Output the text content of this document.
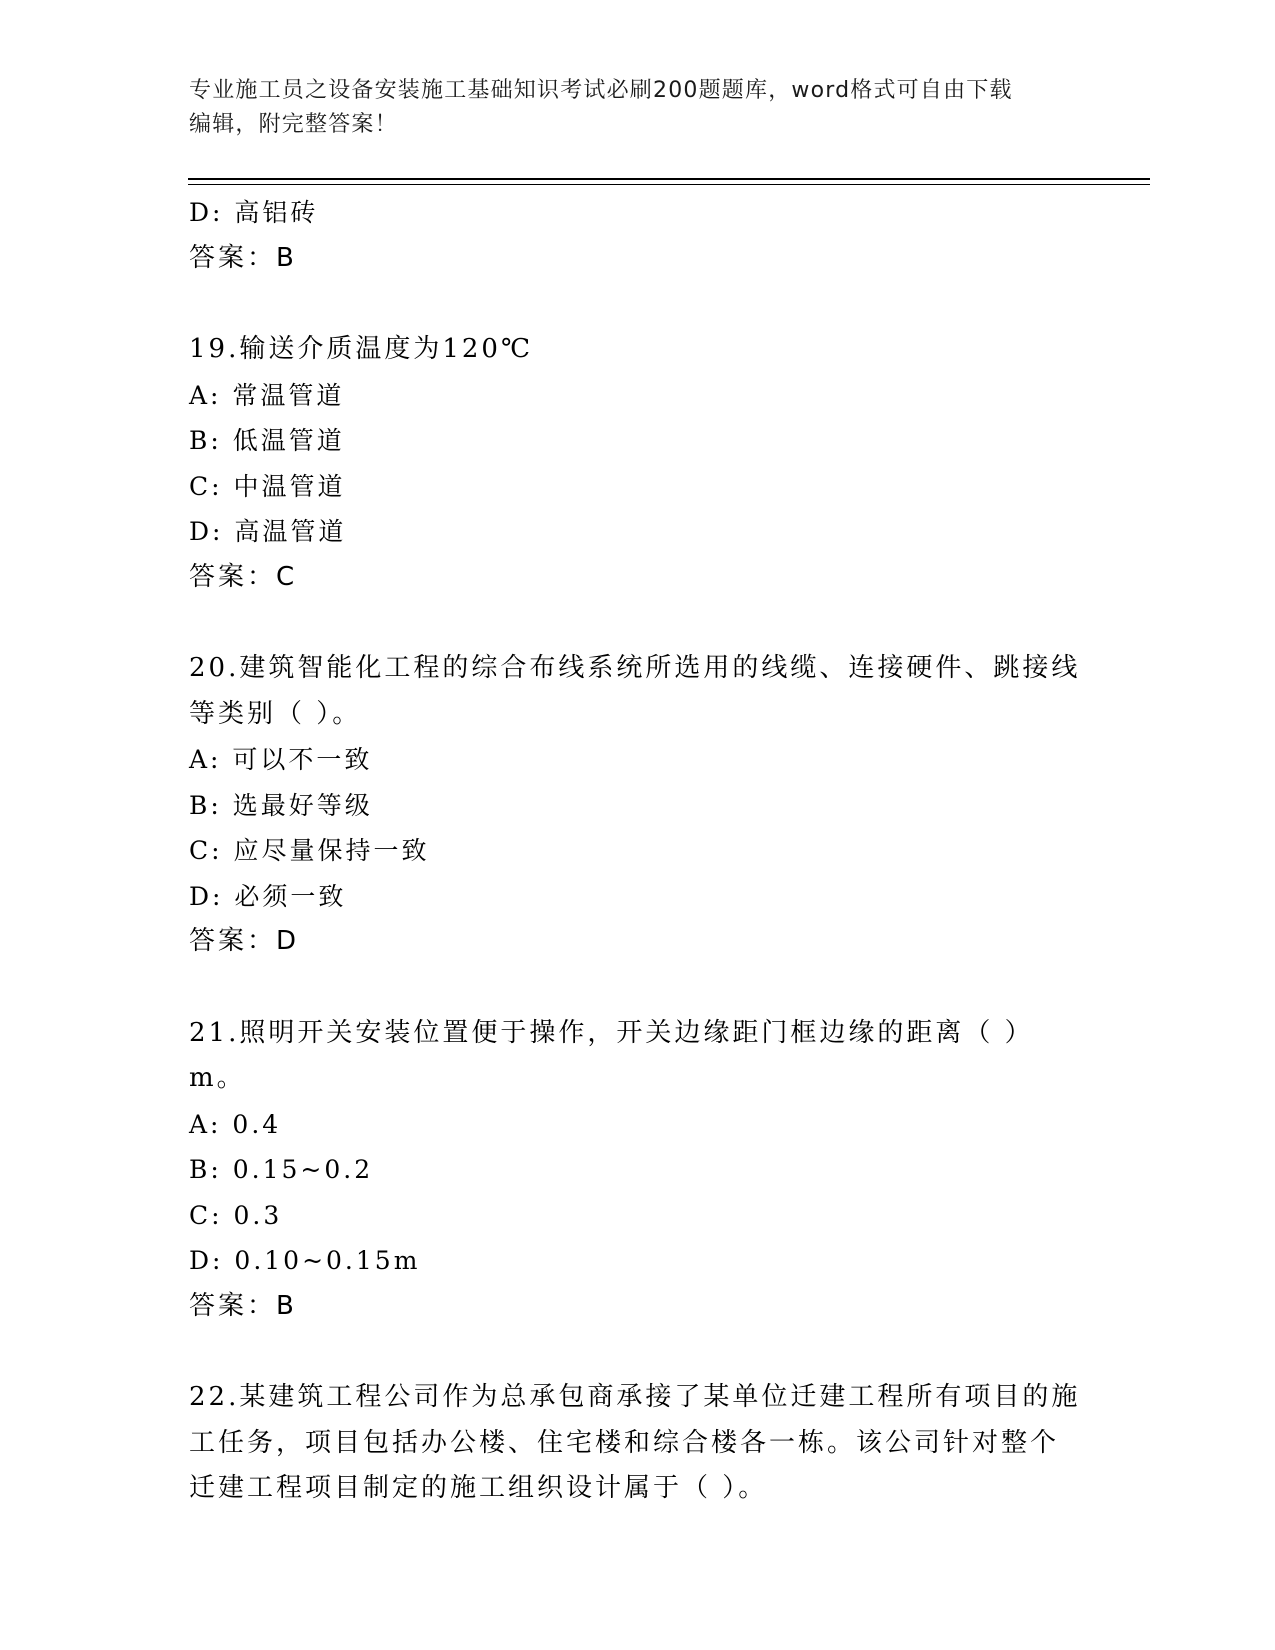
专业施工员之设备安装施工基础知识考试必刷200题题库，word格式可自由下载
编辑，附完整答案！
D: 高铝砖
答案：B
19.输送介质温度为120℃
A: 常温管道
B: 低温管道
C: 中温管道
D: 高温管道
答案：C
20.建筑智能化工程的综合布线系统所选用的线缆、连接硬件、跳接线
等类别（ ）。
A: 可以不一致
B: 选最好等级
C: 应尽量保持一致
D: 必须一致
答案：D
21.照明开关安装位置便于操作，开关边缘距门框边缘的距离（ ）m。
A: 0.4
B: 0.15~0.2
C: 0.3
D: 0.10~0.15m
答案：B
22.某建筑工程公司作为总承包商承接了某单位迁建工程所有项目的施
工任务，项目包括办公楼、住宅楼和综合楼各一栋。该公司针对整个
迁建工程项目制定的施工组织设计属于（ ）。
